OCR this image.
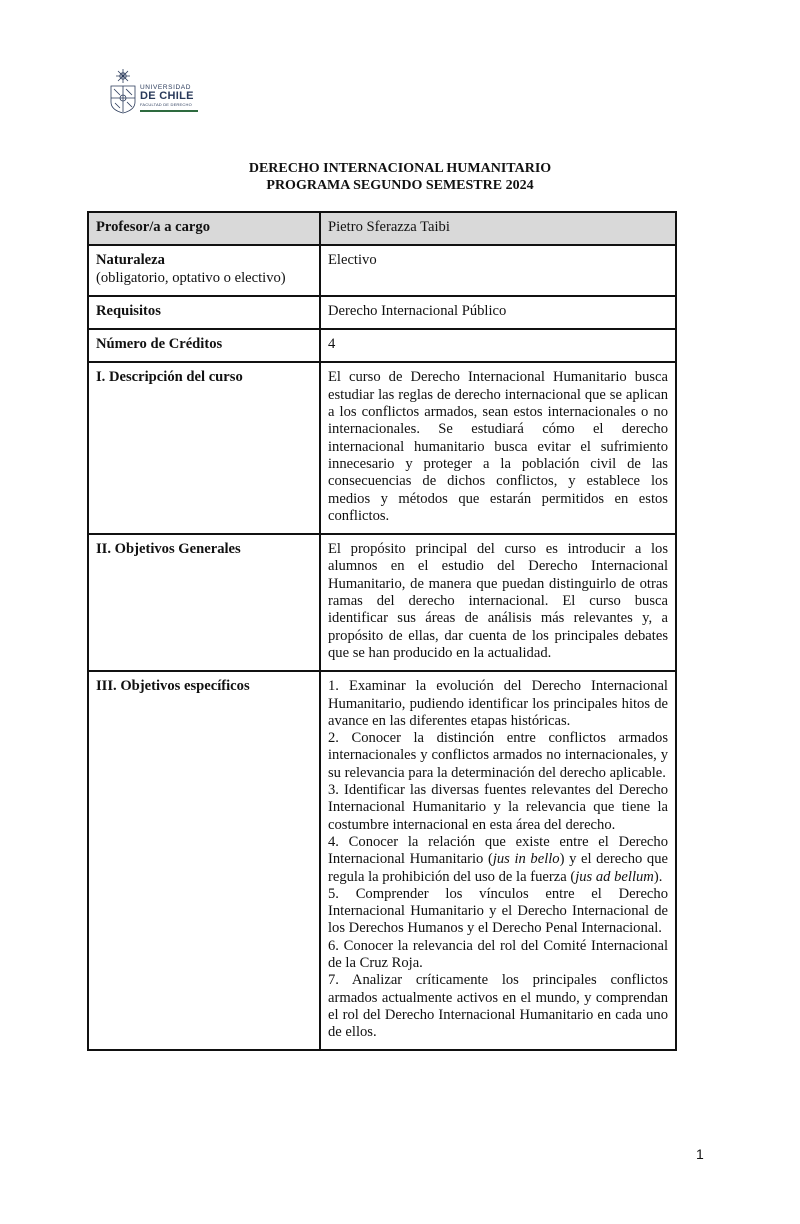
UNIVERSIDAD
DE CHILE
FACULTAD DE DERECHO
DERECHO INTERNACIONAL HUMANITARIO
PROGRAMA SEGUNDO SEMESTRE 2024
Profesor/a a cargo	Pietro Sferazza Taibi
Naturaleza
(obligatorio, optativo o electivo)	Electivo
Requisitos	Derecho Internacional Público
Número de Créditos	4
I. Descripción del curso	El curso de Derecho Internacional Humanitario busca estudiar las reglas de derecho internacional que se aplican a los conflictos armados, sean estos internacionales o no internacionales. Se estudiará cómo el derecho internacional humanitario busca evitar el sufrimiento innecesario y proteger a la población civil de las consecuencias de dichos conflictos, y establece los medios y métodos que estarán permitidos en estos conflictos.
II. Objetivos Generales	El propósito principal del curso es introducir a los alumnos en el estudio del Derecho Internacional Humanitario, de manera que puedan distinguirlo de otras ramas del derecho internacional. El curso busca identificar sus áreas de análisis más relevantes y, a propósito de ellas, dar cuenta de los principales debates que se han producido en la actualidad.
III. Objetivos específicos	1. Examinar la evolución del Derecho Internacional Humanitario, pudiendo identificar los principales hitos de avance en las diferentes etapas históricas.
2. Conocer la distinción entre conflictos armados internacionales y conflictos armados no internacionales, y su relevancia para la determinación del derecho aplicable.
3. Identificar las diversas fuentes relevantes del Derecho Internacional Humanitario y la relevancia que tiene la costumbre internacional en esta área del derecho.
4. Conocer la relación que existe entre el Derecho Internacional Humanitario (jus in bello) y el derecho que regula la prohibición del uso de la fuerza (jus ad bellum).
5. Comprender los vínculos entre el Derecho Internacional Humanitario y el Derecho Internacional de los Derechos Humanos y el Derecho Penal Internacional.
6. Conocer la relevancia del rol del Comité Internacional de la Cruz Roja.
7. Analizar críticamente los principales conflictos armados actualmente activos en el mundo, y comprendan el rol del Derecho Internacional Humanitario en cada uno de ellos.
1
